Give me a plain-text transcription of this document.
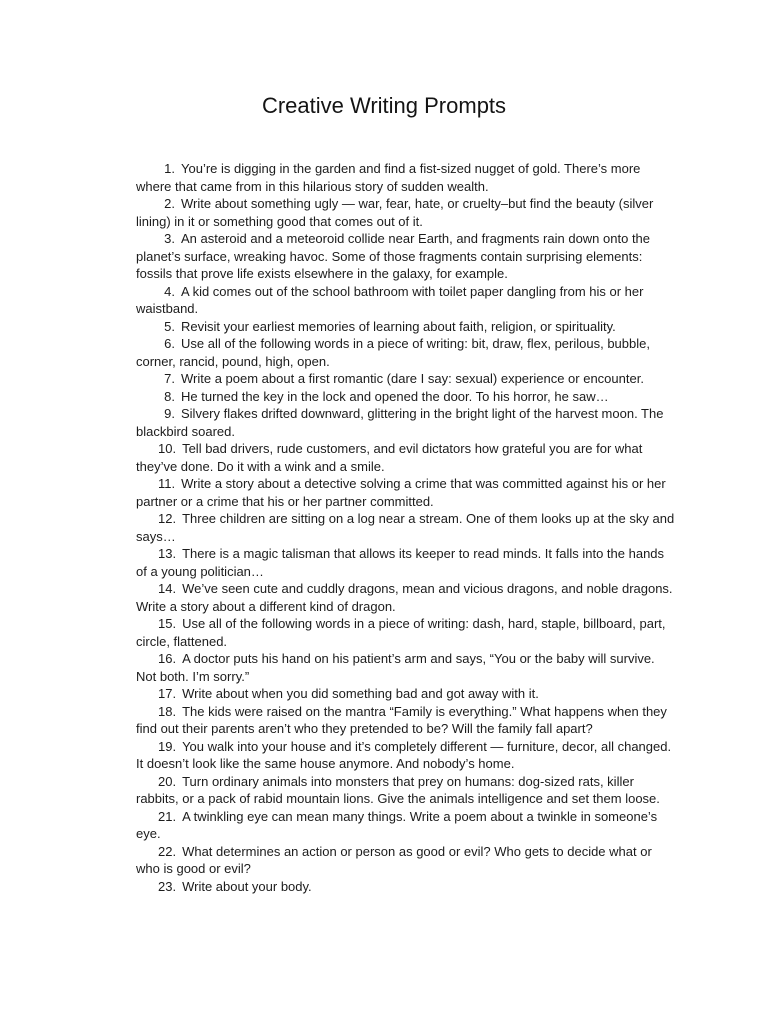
Creative Writing Prompts
1. You’re is digging in the garden and find a fist-sized nugget of gold. There’s more where that came from in this hilarious story of sudden wealth.
2. Write about something ugly — war, fear, hate, or cruelty–but find the beauty (silver lining) in it or something good that comes out of it.
3. An asteroid and a meteoroid collide near Earth, and fragments rain down onto the planet’s surface, wreaking havoc. Some of those fragments contain surprising elements: fossils that prove life exists elsewhere in the galaxy, for example.
4. A kid comes out of the school bathroom with toilet paper dangling from his or her waistband.
5. Revisit your earliest memories of learning about faith, religion, or spirituality.
6. Use all of the following words in a piece of writing: bit, draw, flex, perilous, bubble, corner, rancid, pound, high, open.
7. Write a poem about a first romantic (dare I say: sexual) experience or encounter.
8. He turned the key in the lock and opened the door. To his horror, he saw…
9. Silvery flakes drifted downward, glittering in the bright light of the harvest moon. The blackbird soared.
10. Tell bad drivers, rude customers, and evil dictators how grateful you are for what they’ve done. Do it with a wink and a smile.
11. Write a story about a detective solving a crime that was committed against his or her partner or a crime that his or her partner committed.
12. Three children are sitting on a log near a stream. One of them looks up at the sky and says…
13. There is a magic talisman that allows its keeper to read minds. It falls into the hands of a young politician…
14. We’ve seen cute and cuddly dragons, mean and vicious dragons, and noble dragons. Write a story about a different kind of dragon.
15. Use all of the following words in a piece of writing: dash, hard, staple, billboard, part, circle, flattened.
16. A doctor puts his hand on his patient’s arm and says, “You or the baby will survive. Not both. I’m sorry.”
17. Write about when you did something bad and got away with it.
18. The kids were raised on the mantra “Family is everything.” What happens when they find out their parents aren’t who they pretended to be? Will the family fall apart?
19. You walk into your house and it’s completely different — furniture, decor, all changed. It doesn’t look like the same house anymore. And nobody’s home.
20. Turn ordinary animals into monsters that prey on humans: dog-sized rats, killer rabbits, or a pack of rabid mountain lions. Give the animals intelligence and set them loose.
21. A twinkling eye can mean many things. Write a poem about a twinkle in someone’s eye.
22. What determines an action or person as good or evil? Who gets to decide what or who is good or evil?
23. Write about your body.
